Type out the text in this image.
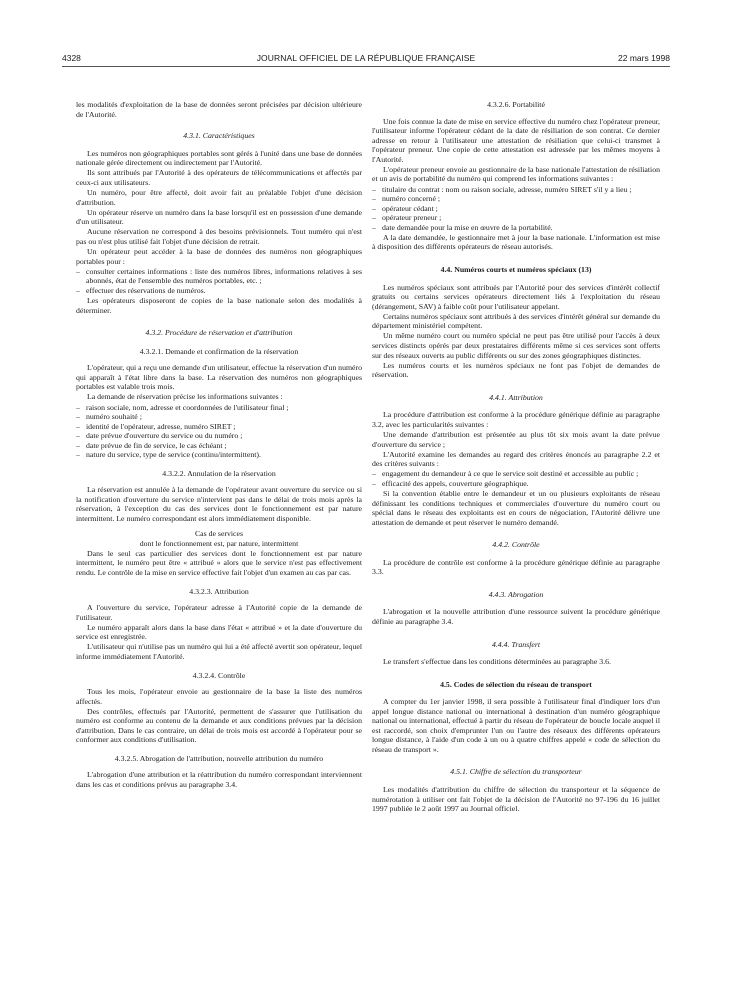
4328	JOURNAL OFFICIEL DE LA RÉPUBLIQUE FRANÇAISE	22 mars 1998

les modalités d'exploitation de la base de données seront précisées par décision ultérieure de l'Autorité.

4.3.1. Caractéristiques

Les numéros non géographiques portables sont gérés à l'unité dans une base de données nationale gérée directement ou indirectement par l'Autorité.

Ils sont attribués par l'Autorité à des opérateurs de télécommunications et affectés par ceux-ci aux utilisateurs.

Un numéro, pour être affecté, doit avoir fait au préalable l'objet d'une décision d'attribution.

Un opérateur réserve un numéro dans la base lorsqu'il est en possession d'une demande d'un utilisateur.

Aucune réservation ne correspond à des besoins prévisionnels. Tout numéro qui n'est pas ou n'est plus utilisé fait l'objet d'une décision de retrait.

Un opérateur peut accéder à la base de données des numéros non géographiques portables pour :

– consulter certaines informations : liste des numéros libres, informations relatives à ses abonnés, état de l'ensemble des numéros portables, etc. ;
– effectuer des réservations de numéros.

Les opérateurs disposeront de copies de la base nationale selon des modalités à déterminer.

4.3.2. Procédure de réservation et d'attribution
4.3.2.1. Demande et confirmation de la réservation

L'opérateur, qui a reçu une demande d'un utilisateur, effectue la réservation d'un numéro qui apparaît à l'état libre dans la base. La réservation des numéros non géographiques portables est valable trois mois.

La demande de réservation précise les informations suivantes :

– raison sociale, nom, adresse et coordonnées de l'utilisateur final ;
– numéro souhaité ;
– identité de l'opérateur, adresse, numéro SIRET ;
– date prévue d'ouverture du service ou du numéro ;
– date prévue de fin de service, le cas échéant ;
– nature du service, type de service (continu/intermittent).
4.3.2.2. Annulation de la réservation

La réservation est annulée à la demande de l'opérateur avant ouverture du service ou si la notification d'ouverture du service n'intervient pas dans le délai de trois mois après la réservation, à l'exception du cas des services dont le fonctionnement est par nature intermittent. Le numéro correspondant est alors immédiatement disponible.

Cas de services

dont le fonctionnement est, par nature, intermittent

Dans le seul cas particulier des services dont le fonctionnement est par nature intermittent, le numéro peut être « attribué » alors que le service n'est pas effectivement rendu. Le contrôle de la mise en service effective fait l'objet d'un examen au cas par cas.

4.3.2.3. Attribution

A l'ouverture du service, l'opérateur adresse à l'Autorité copie de la demande de l'utilisateur.

Le numéro apparaît alors dans la base dans l'état « attribué » et la date d'ouverture du service est enregistrée.

L'utilisateur qui n'utilise pas un numéro qui lui a été affecté avertit son opérateur, lequel informe immédiatement l'Autorité.

4.3.2.4. Contrôle

Tous les mois, l'opérateur envoie au gestionnaire de la base la liste des numéros affectés.

Des contrôles, effectués par l'Autorité, permettent de s'assurer que l'utilisation du numéro est conforme au contenu de la demande et aux conditions prévues par la décision d'attribution. Dans le cas contraire, un délai de trois mois est accordé à l'opérateur pour se conformer aux conditions d'utilisation.

4.3.2.5. Abrogation de l'attribution, nouvelle attribution du numéro

L'abrogation d'une attribution et la réattribution du numéro correspondant interviennent dans les cas et conditions prévus au paragraphe 3.4.

4.3.2.6. Portabilité

Une fois connue la date de mise en service effective du numéro chez l'opérateur preneur, l'utilisateur informe l'opérateur cédant de la date de résiliation de son contrat. Ce dernier adresse en retour à l'utilisateur une attestation de résiliation que celui-ci transmet à l'opérateur preneur. Une copie de cette attestation est adressée par les mêmes moyens à l'Autorité.

L'opérateur preneur envoie au gestionnaire de la base nationale l'attestation de résiliation et un avis de portabilité du numéro qui comprend les informations suivantes :

– titulaire du contrat : nom ou raison sociale, adresse, numéro SIRET s'il y a lieu ;
– numéro concerné ;
– opérateur cédant ;
– opérateur preneur ;
– date demandée pour la mise en œuvre de la portabilité.

A la date demandée, le gestionnaire met à jour la base nationale. L'information est mise à disposition des différents opérateurs de réseau autorisés.

4.4. Numéros courts et numéros spéciaux (13)

Les numéros spéciaux sont attribués par l'Autorité pour des services d'intérêt collectif gratuits ou certains services opérateurs directement liés à l'exploitation du réseau (dérangement, SAV) à faible coût pour l'utilisateur appelant.

Certains numéros spéciaux sont attribués à des services d'intérêt général sur demande du département ministériel compétent.

Un même numéro court ou numéro spécial ne peut pas être utilisé pour l'accès à deux services distincts opérés par deux prestataires différents même si ces services sont offerts sur des réseaux ouverts au public différents ou sur des zones géographiques distinctes.

Les numéros courts et les numéros spéciaux ne font pas l'objet de demandes de réservation.

4.4.1. Attribution

La procédure d'attribution est conforme à la procédure générique définie au paragraphe 3.2, avec les particularités suivantes :

Une demande d'attribution est présentée au plus tôt six mois avant la date prévue d'ouverture du service ;

L'Autorité examine les demandes au regard des critères énoncés au paragraphe 2.2 et des critères suivants :

– engagement du demandeur à ce que le service soit destiné et accessible au public ;
– efficacité des appels, couverture géographique.

Si la convention établie entre le demandeur et un ou plusieurs exploitants de réseau définissant les conditions techniques et commerciales d'ouverture du numéro court ou spécial dans le réseau des exploitants est en cours de négociation, l'Autorité délivre une attestation de demande et peut réserver le numéro demandé.

4.4.2. Contrôle

La procédure de contrôle est conforme à la procédure générique définie au paragraphe 3.3.

4.4.3. Abrogation

L'abrogation et la nouvelle attribution d'une ressource suivent la procédure générique définie au paragraphe 3.4.

4.4.4. Transfert

Le transfert s'effectue dans les conditions déterminées au paragraphe 3.6.

4.5. Codes de sélection du réseau de transport

A compter du 1er janvier 1998, il sera possible à l'utilisateur final d'indiquer lors d'un appel longue distance national ou international à destination d'un numéro géographique national ou international, effectué à partir du réseau de l'opérateur de boucle locale auquel il est raccordé, son choix d'emprunter l'un ou l'autre des réseaux des différents opérateurs longue distance, à l'aide d'un code à un ou à quatre chiffres appelé « code de sélection du réseau de transport ».

4.5.1. Chiffre de sélection du transporteur

Les modalités d'attribution du chiffre de sélection du transporteur et la séquence de numérotation à utiliser ont fait l'objet de la décision de l'Autorité no 97-196 du 16 juillet 1997 publiée le 2 août 1997 au Journal officiel.
